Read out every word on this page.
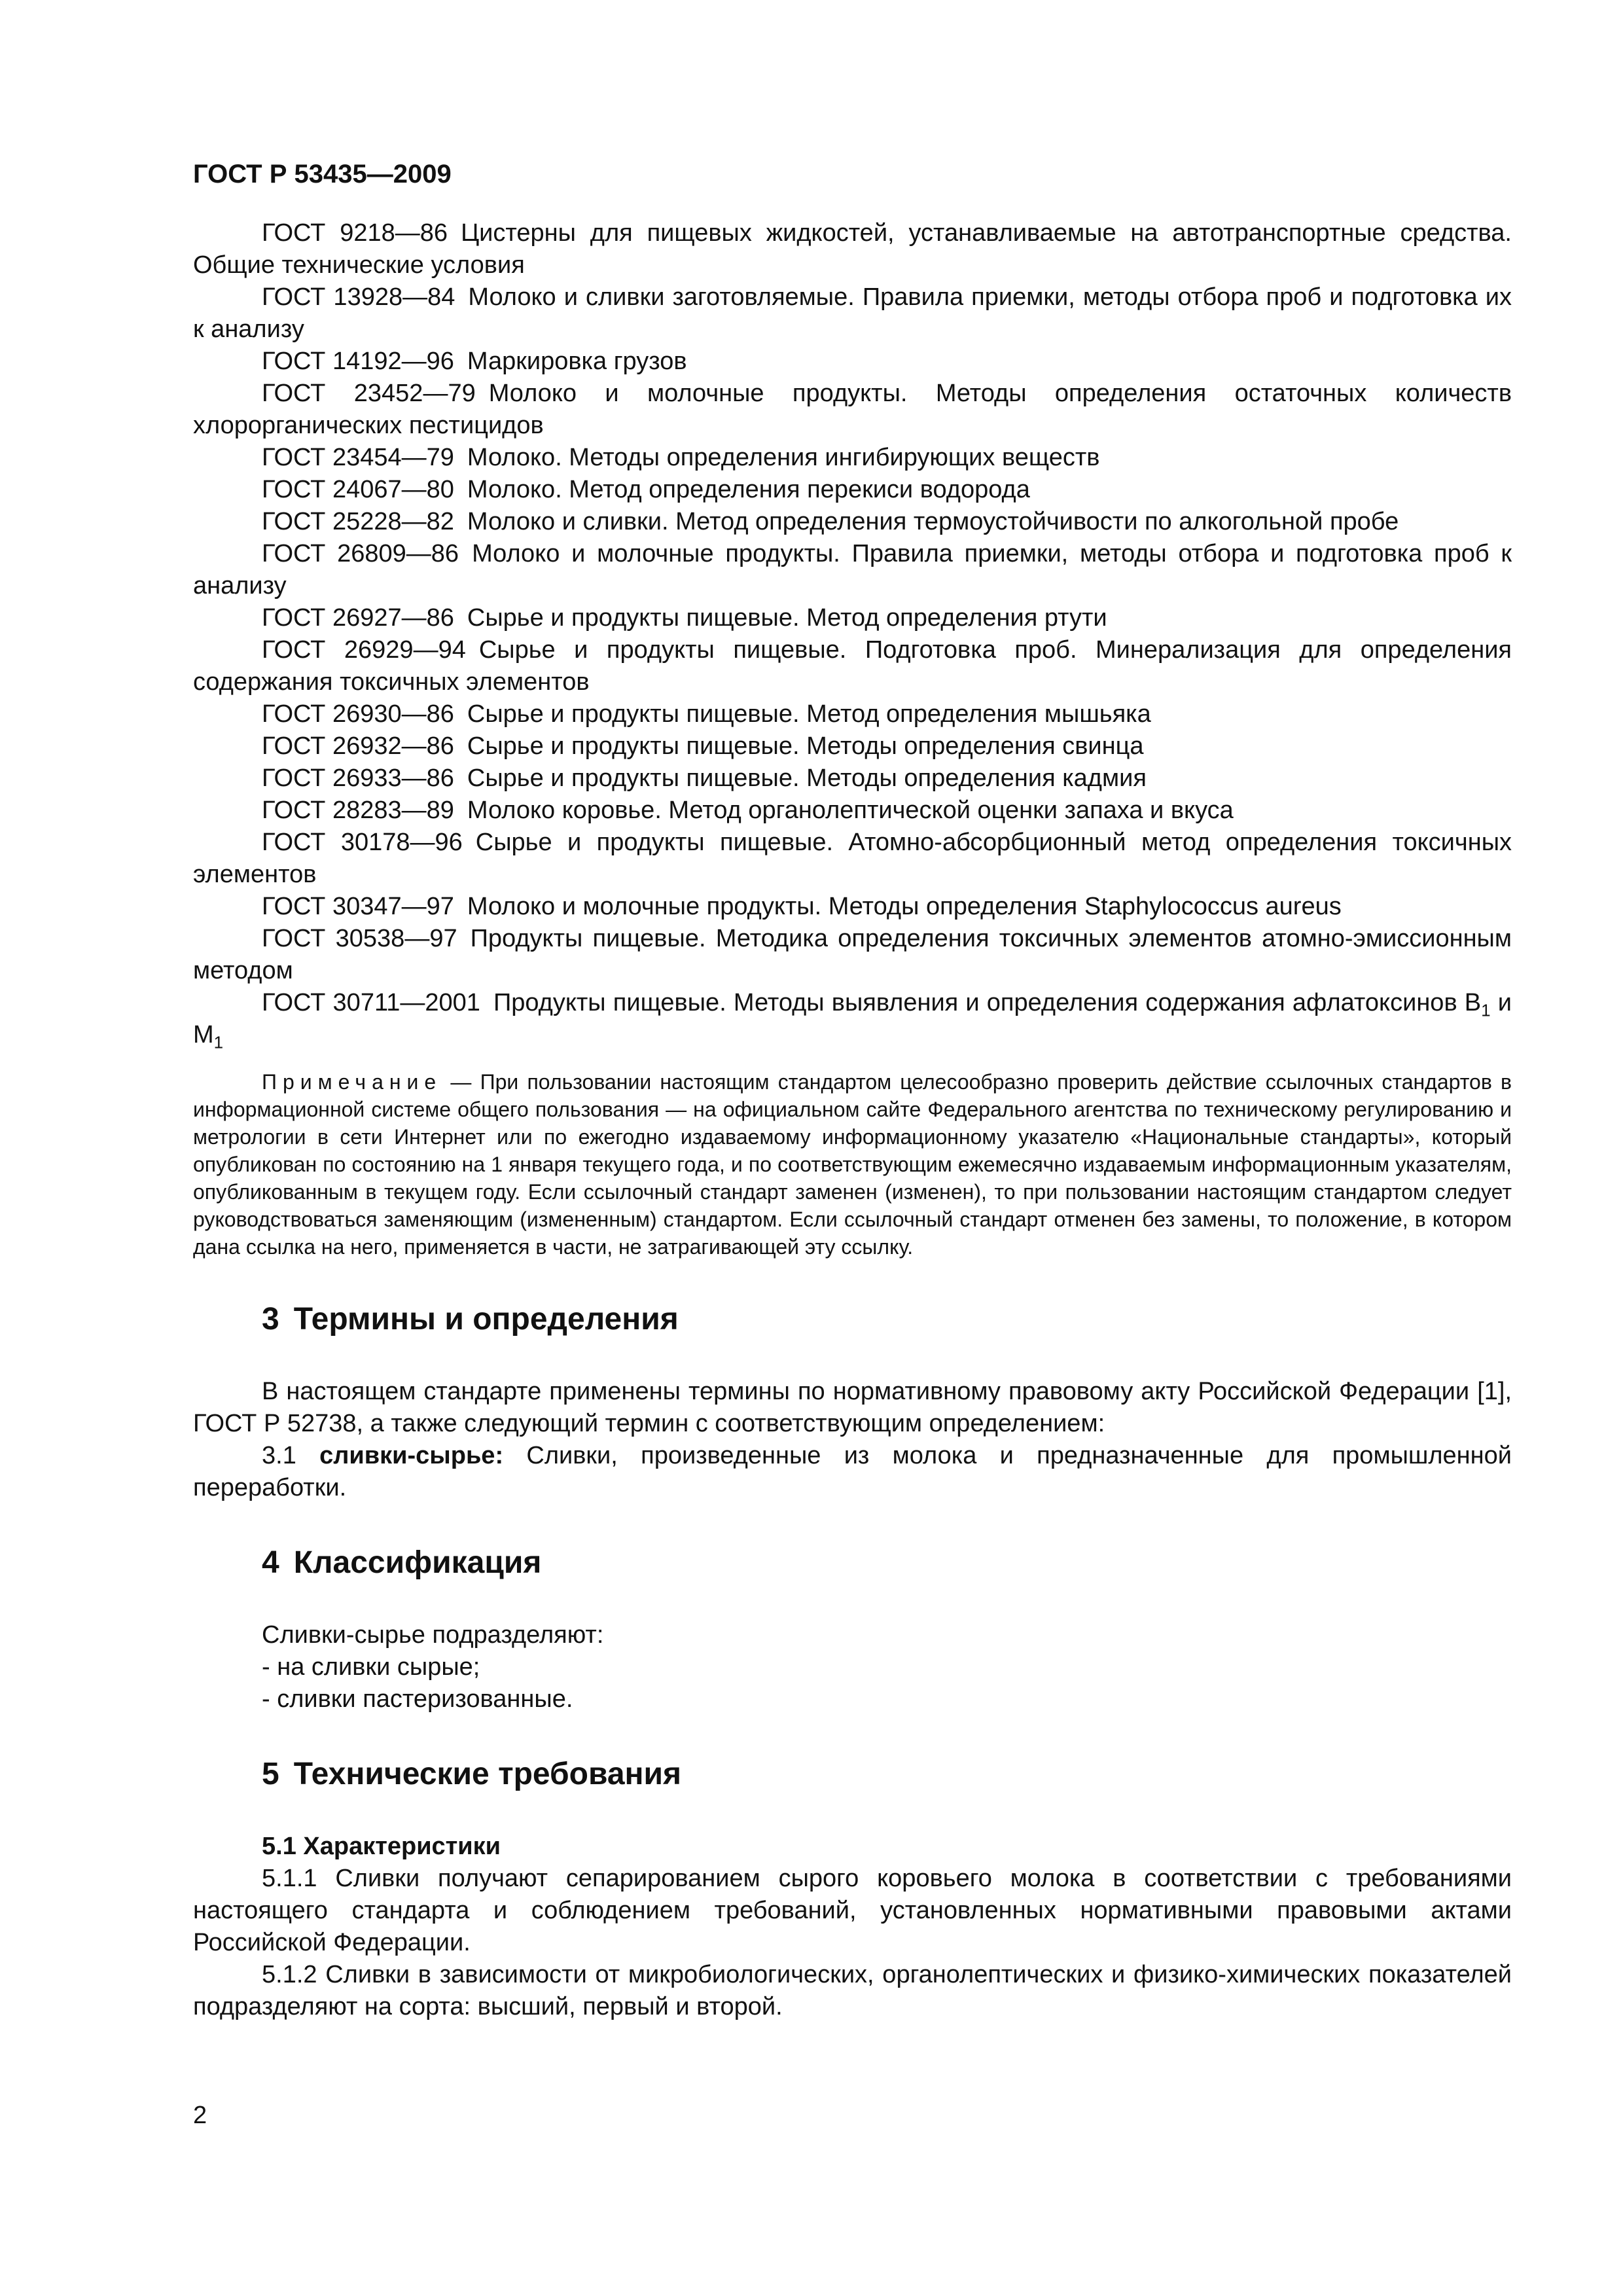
ГОСТ Р 53435—2009

ГОСТ 9218—86 Цистерны для пищевых жидкостей, устанавливаемые на автотранспортные средства. Общие технические условия

ГОСТ 13928—84 Молоко и сливки заготовляемые. Правила приемки, методы отбора проб и подготовка их к анализу

ГОСТ 14192—96 Маркировка грузов

ГОСТ 23452—79 Молоко и молочные продукты. Методы определения остаточных количеств хлорорганических пестицидов

ГОСТ 23454—79 Молоко. Методы определения ингибирующих веществ

ГОСТ 24067—80 Молоко. Метод определения перекиси водорода

ГОСТ 25228—82 Молоко и сливки. Метод определения термоустойчивости по алкогольной пробе

ГОСТ 26809—86 Молоко и молочные продукты. Правила приемки, методы отбора и подготовка проб к анализу

ГОСТ 26927—86 Сырье и продукты пищевые. Метод определения ртути

ГОСТ 26929—94 Сырье и продукты пищевые. Подготовка проб. Минерализация для определения содержания токсичных элементов

ГОСТ 26930—86 Сырье и продукты пищевые. Метод определения мышьяка

ГОСТ 26932—86 Сырье и продукты пищевые. Методы определения свинца

ГОСТ 26933—86 Сырье и продукты пищевые. Методы определения кадмия

ГОСТ 28283—89 Молоко коровье. Метод органолептической оценки запаха и вкуса

ГОСТ 30178—96 Сырье и продукты пищевые. Атомно-абсорбционный метод определения токсичных элементов

ГОСТ 30347—97 Молоко и молочные продукты. Методы определения Staphylococcus aureus

ГОСТ 30538—97 Продукты пищевые. Методика определения токсичных элементов атомно-эмиссионным методом

ГОСТ 30711—2001 Продукты пищевые. Методы выявления и определения содержания афлатоксинов $B_1$ и $M_1$

Примечание — При пользовании настоящим стандартом целесообразно проверить действие ссылочных стандартов в информационной системе общего пользования — на официальном сайте Федерального агентства по техническому регулированию и метрологии в сети Интернет или по ежегодно издаваемому информационному указателю «Национальные стандарты», который опубликован по состоянию на 1 января текущего года, и по соответствующим ежемесячно издаваемым информационным указателям, опубликованным в текущем году. Если ссылочный стандарт заменен (изменен), то при пользовании настоящим стандартом следует руководствоваться заменяющим (измененным) стандартом. Если ссылочный стандарт отменен без замены, то положение, в котором дана ссылка на него, применяется в части, не затрагивающей эту ссылку.

3 Термины и определения

В настоящем стандарте применены термины по нормативному правовому акту Российской Федерации [1], ГОСТ Р 52738, а также следующий термин с соответствующим определением:

3.1 сливки-сырье: Сливки, произведенные из молока и предназначенные для промышленной переработки.

4 Классификация

Сливки-сырье подразделяют:

- на сливки сырые;

- сливки пастеризованные.

5 Технические требования
5.1 Характеристики

5.1.1 Сливки получают сепарированием сырого коровьего молока в соответствии с требованиями настоящего стандарта и соблюдением требований, установленных нормативными правовыми актами Российской Федерации.

5.1.2 Сливки в зависимости от микробиологических, органолептических и физико-химических показателей подразделяют на сорта: высший, первый и второй.

2
